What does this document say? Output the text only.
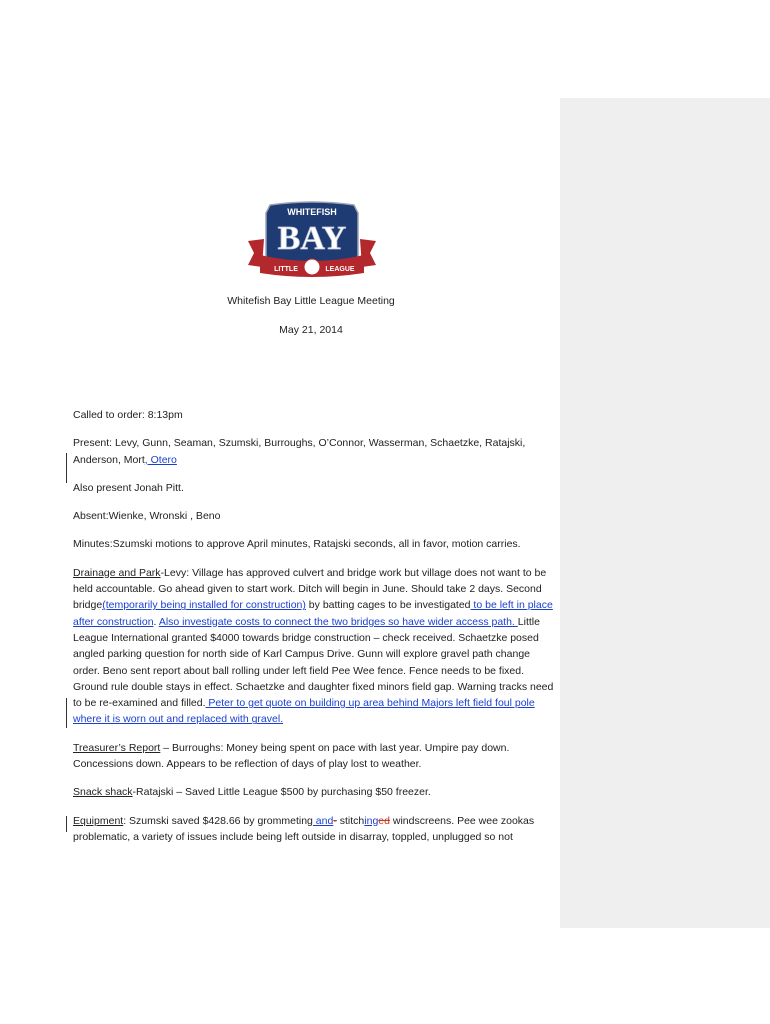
WHITEFISH
BAY
LITTLE	LEAGUE
Whitefish Bay Little League Meeting
May 21, 2014

Called to order: 8:13pm

Present: Levy, Gunn, Seaman, Szumski, Burroughs, O’Connor, Wasserman, Schaetzke, Ratajski, Anderson, Mort, Otero

Also present Jonah Pitt.

Absent:Wienke, Wronski , Beno

Minutes:Szumski motions to approve April minutes, Ratajski seconds, all in favor, motion carries.

Drainage and Park-Levy: Village has approved culvert and bridge work but village does not want to be held accountable. Go ahead given to start work. Ditch will begin in June. Should take 2 days. Second bridge(temporarily being installed for construction) by batting cages to be investigated to be left in place after construction. Also investigate costs to connect the two bridges so have wider access path. Little League International granted $4000 towards bridge construction – check received. Schaetzke posed angled parking question for north side of Karl Campus Drive. Gunn will explore gravel path change order. Beno sent report about ball rolling under left field Pee Wee fence. Fence needs to be fixed. Ground rule double stays in effect. Schaetzke and daughter fixed minors field gap. Warning tracks need to be re-examined and filled. Peter to get quote on building up area behind Majors left field foul pole where it is worn out and replaced with gravel.

Treasurer’s Report – Burroughs: Money being spent on pace with last year. Umpire pay down. Concessions down. Appears to be reflection of days of play lost to weather.

Snack shack-Ratajski – Saved Little League $500 by purchasing $50 freezer.

Equipment: Szumski saved $428.66 by grommeting and- stitchinged windscreens. Pee wee zookas problematic, a variety of issues include being left outside in disarray, toppled, unplugged so not
